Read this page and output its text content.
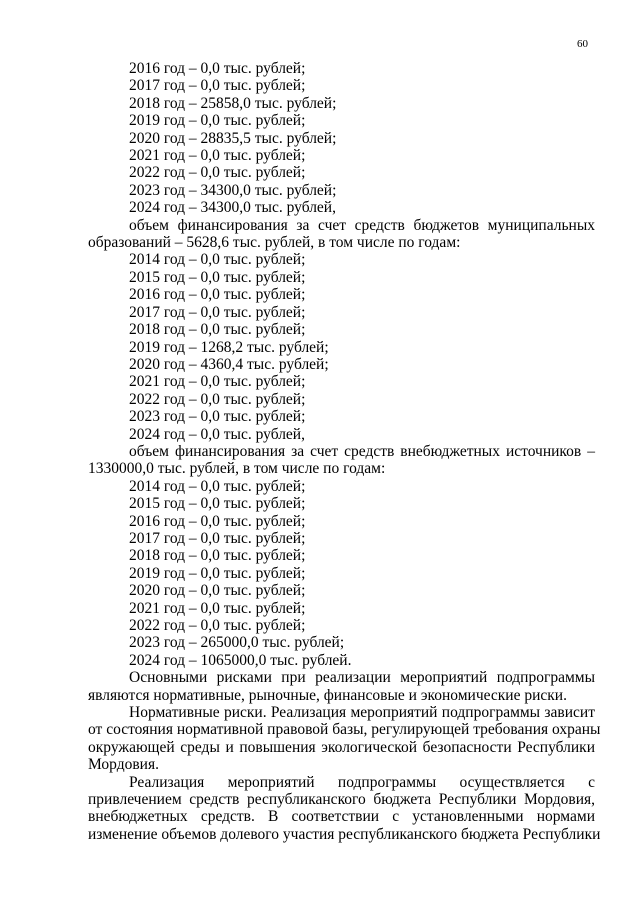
60
2016 год – 0,0 тыс. рублей;
2017 год – 0,0 тыс. рублей;
2018 год – 25858,0 тыс. рублей;
2019 год – 0,0 тыс. рублей;
2020 год – 28835,5 тыс. рублей;
2021 год – 0,0 тыс. рублей;
2022 год – 0,0 тыс. рублей;
2023 год – 34300,0 тыс. рублей;
2024 год – 34300,0 тыс. рублей,
объем финансирования за счет средств бюджетов муниципальных
образований – 5628,6 тыс. рублей, в том числе по годам:
2014 год – 0,0 тыс. рублей;
2015 год – 0,0 тыс. рублей;
2016 год – 0,0 тыс. рублей;
2017 год – 0,0 тыс. рублей;
2018 год – 0,0 тыс. рублей;
2019 год – 1268,2 тыс. рублей;
2020 год – 4360,4 тыс. рублей;
2021 год – 0,0 тыс. рублей;
2022 год – 0,0 тыс. рублей;
2023 год – 0,0 тыс. рублей;
2024 год – 0,0 тыс. рублей,
объем финансирования за счет средств внебюджетных источников –
1330000,0 тыс. рублей, в том числе по годам:
2014 год – 0,0 тыс. рублей;
2015 год – 0,0 тыс. рублей;
2016 год – 0,0 тыс. рублей;
2017 год – 0,0 тыс. рублей;
2018 год – 0,0 тыс. рублей;
2019 год – 0,0 тыс. рублей;
2020 год – 0,0 тыс. рублей;
2021 год – 0,0 тыс. рублей;
2022 год – 0,0 тыс. рублей;
2023 год – 265000,0 тыс. рублей;
2024 год – 1065000,0 тыс. рублей.
Основными рисками при реализации мероприятий подпрограммы
являются нормативные, рыночные, финансовые и экономические риски.
Нормативные риски. Реализация мероприятий подпрограммы зависит
от состояния нормативной правовой базы, регулирующей требования охраны
окружающей среды и повышения экологической безопасности Республики
Мордовия.
Реализация мероприятий подпрограммы осуществляется с
привлечением средств республиканского бюджета Республики Мордовия,
внебюджетных средств. В соответствии с установленными нормами
изменение объемов долевого участия республиканского бюджета Республики
